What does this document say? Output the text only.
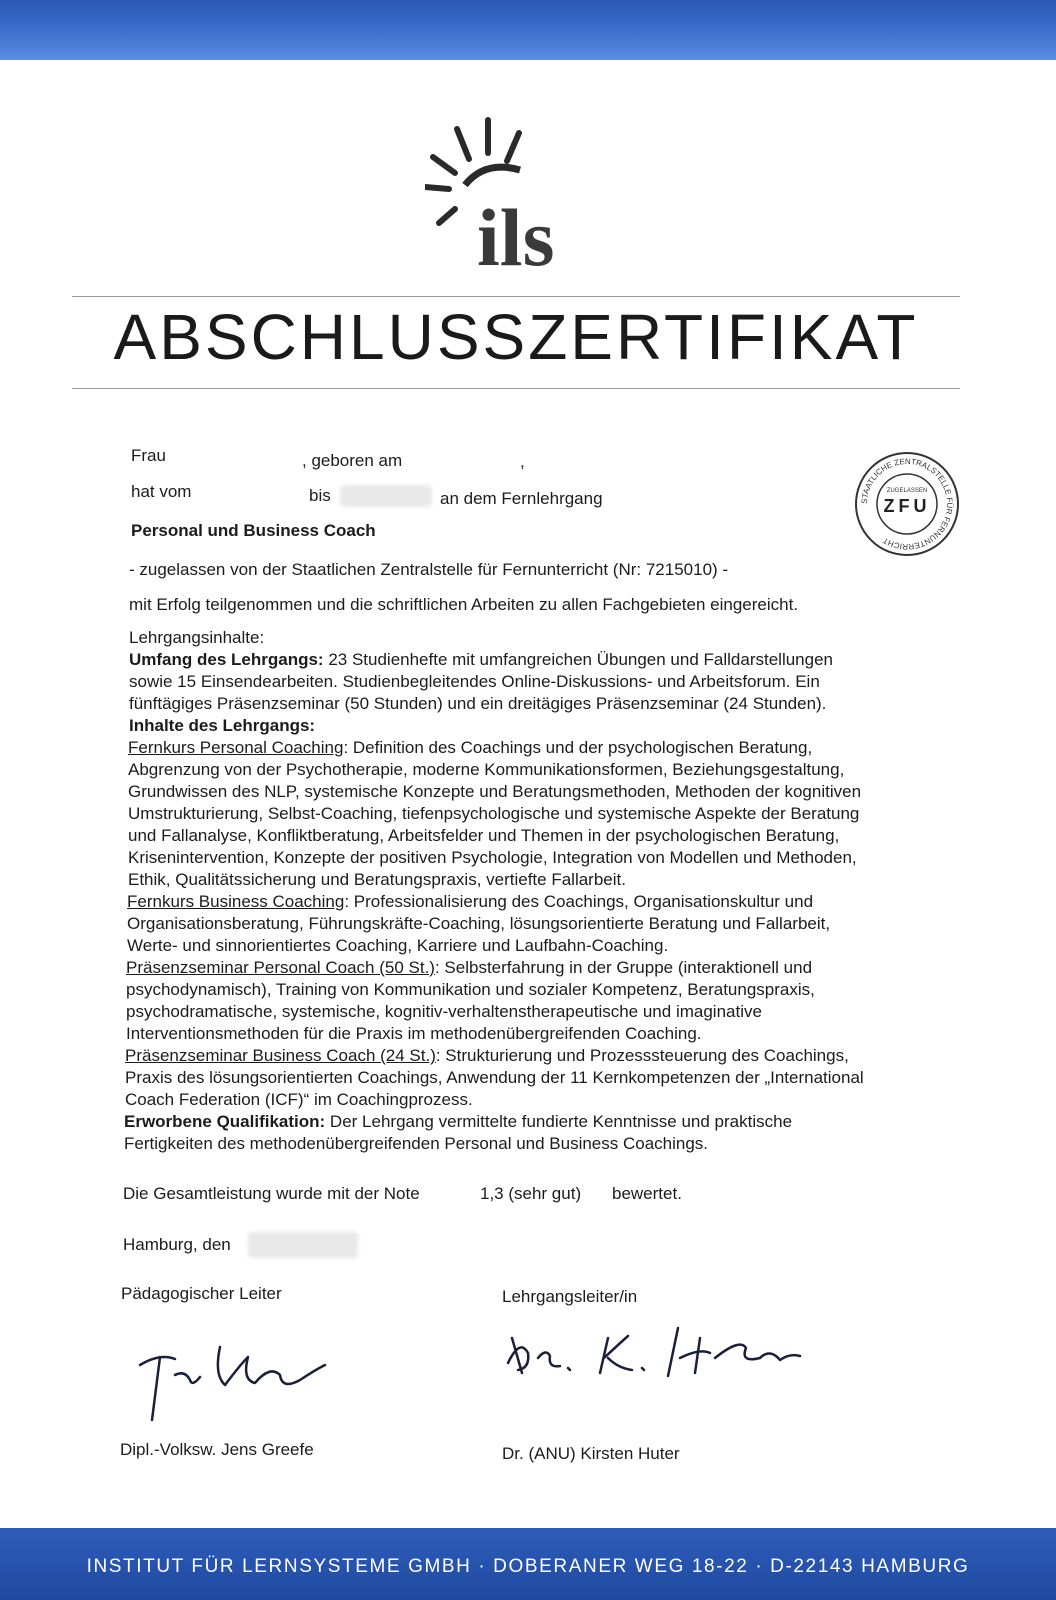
ils
ABSCHLUSSZERTIFIKAT
Frau	, geboren am	,
hat vom	bis	an dem Fernlehrgang
Personal und Business Coach
- zugelassen von der Staatlichen Zentralstelle für Fernunterricht (Nr: 7215010) -
mit Erfolg teilgenommen und die schriftlichen Arbeiten zu allen Fachgebieten eingereicht.
STAATLICHE ZENTRALSTELLE FÜR FERNUNTERRICHT
ZUGELASSEN
ZFU
Lehrgangsinhalte:
Umfang des Lehrgangs: 23 Studienhefte mit umfangreichen Übungen und Falldarstellungen
sowie 15 Einsendearbeiten. Studienbegleitendes Online-Diskussions- und Arbeitsforum. Ein
fünftägiges Präsenzseminar (50 Stunden) und ein dreitägiges Präsenzseminar (24 Stunden).
Inhalte des Lehrgangs:
Fernkurs Personal Coaching: Definition des Coachings und der psychologischen Beratung,
Abgrenzung von der Psychotherapie, moderne Kommunikationsformen, Beziehungsgestaltung,
Grundwissen des NLP, systemische Konzepte und Beratungsmethoden, Methoden der kognitiven
Umstrukturierung, Selbst-Coaching, tiefenpsychologische und systemische Aspekte der Beratung
und Fallanalyse, Konfliktberatung, Arbeitsfelder und Themen in der psychologischen Beratung,
Krisenintervention, Konzepte der positiven Psychologie, Integration von Modellen und Methoden,
Ethik, Qualitätssicherung und Beratungspraxis, vertiefte Fallarbeit.
Fernkurs Business Coaching: Professionalisierung des Coachings, Organisationskultur und
Organisationsberatung, Führungskräfte-Coaching, lösungsorientierte Beratung und Fallarbeit,
Werte- und sinnorientiertes Coaching, Karriere und Laufbahn-Coaching.
Präsenzseminar Personal Coach (50 St.): Selbsterfahrung in der Gruppe (interaktionell und
psychodynamisch), Training von Kommunikation und sozialer Kompetenz, Beratungspraxis,
psychodramatische, systemische, kognitiv-verhaltenstherapeutische und imaginative
Interventionsmethoden für die Praxis im methodenübergreifenden Coaching.
Präsenzseminar Business Coach (24 St.): Strukturierung und Prozesssteuerung des Coachings,
Praxis des lösungsorientierten Coachings, Anwendung der 11 Kernkompetenzen der „International
Coach Federation (ICF)“ im Coachingprozess.
Erworbene Qualifikation: Der Lehrgang vermittelte fundierte Kenntnisse und praktische
Fertigkeiten des methodenübergreifenden Personal und Business Coachings.
Die Gesamtleistung wurde mit der Note	1,3 (sehr gut) bewertet.
Hamburg, den
Pädagogischer Leiter	Lehrgangsleiter/in
Dipl.-Volksw. Jens Greefe	Dr. (ANU) Kirsten Huter
INSTITUT FÜR LERNSYSTEME GMBH · DOBERANER WEG 18-22 · D-22143 HAMBURG
